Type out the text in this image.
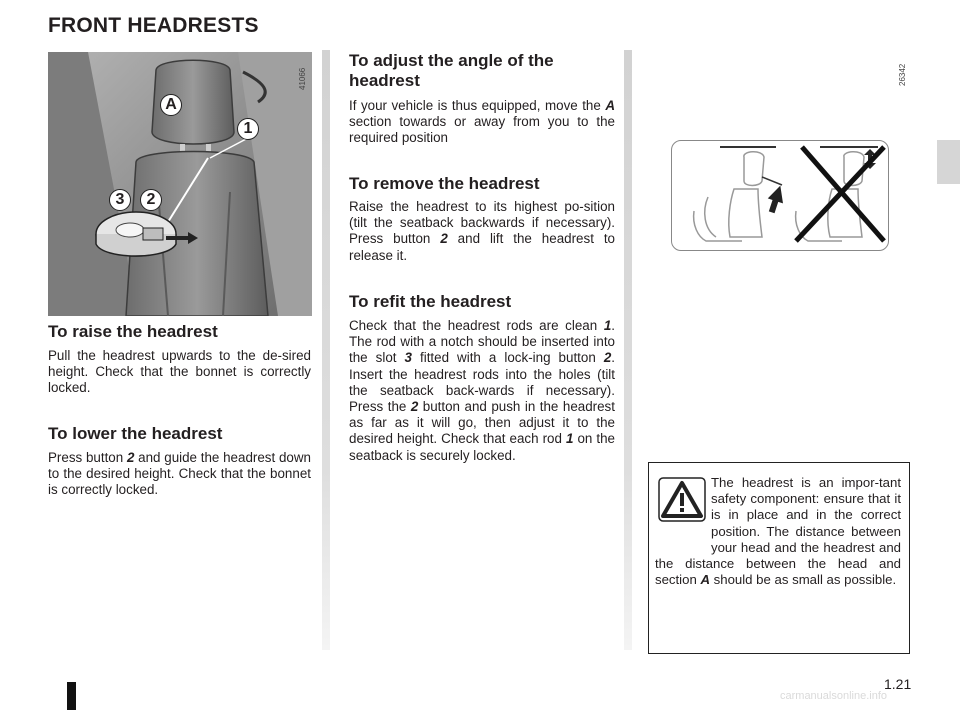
FRONT HEADRESTS
A
1
3	2
41066
To raise the headrest
Pull the headrest upwards to the de-sired height. Check that the bonnet is correctly locked.
To lower the headrest
Press button 2 and guide the headrest down to the desired height. Check that the bonnet is correctly locked.
To adjust the angle of the headrest
If your vehicle is thus equipped, move the A section towards or away from you to the required position
To remove the headrest
Raise the headrest to its highest po-sition (tilt the seatback backwards if necessary). Press button 2 and lift the headrest to release it.
To refit the headrest
Check that the headrest rods are clean 1. The rod with a notch should be inserted into the slot 3 fitted with a lock-ing button 2. Insert the headrest rods into the holes (tilt the seatback back-wards if necessary). Press the 2 button and push in the headrest as far as it will go, then adjust it to the desired height. Check that each rod 1 on the seatback is securely locked.
26342
The headrest is an impor-tant safety component: ensure that it is in place and in the correct position. The distance between your head and the headrest and the distance between the head and section A should be as small as possible.
1.21
carmanualsonline.info
